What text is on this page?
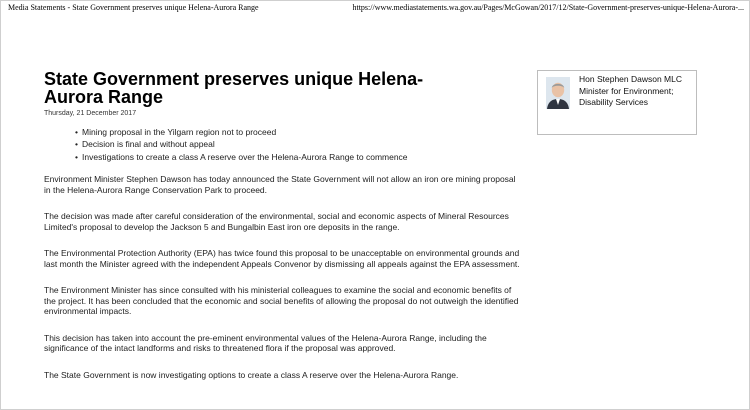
Media Statements - State Government preserves unique Helena-Aurora Range	https://www.mediastatements.wa.gov.au/Pages/McGowan/2017/12/State-Government-preserves-unique-Helena-Aurora-...
State Government preserves unique Helena-Aurora Range
Thursday, 21 December 2017
• Mining proposal in the Yilgarn region not to proceed
• Decision is final and without appeal
• Investigations to create a class A reserve over the Helena-Aurora Range to commence

Environment Minister Stephen Dawson has today announced the State Government will not allow an iron ore mining proposal in the Helena-Aurora Range Conservation Park to proceed.

The decision was made after careful consideration of the environmental, social and economic aspects of Mineral Resources Limited's proposal to develop the Jackson 5 and Bungalbin East iron ore deposits in the range.

The Environmental Protection Authority (EPA) has twice found this proposal to be unacceptable on environmental grounds and last month the Minister agreed with the independent Appeals Convenor by dismissing all appeals against the EPA assessment.

The Environment Minister has since consulted with his ministerial colleagues to examine the social and economic benefits of the project. It has been concluded that the economic and social benefits of allowing the proposal do not outweigh the identified environmental impacts.

This decision has taken into account the pre-eminent environmental values of the Helena-Aurora Range, including the significance of the intact landforms and risks to threatened flora if the proposal was approved.

The State Government is now investigating options to create a class A reserve over the Helena-Aurora Range.

Hon Stephen Dawson MLC
Minister for Environment; Disability Services
